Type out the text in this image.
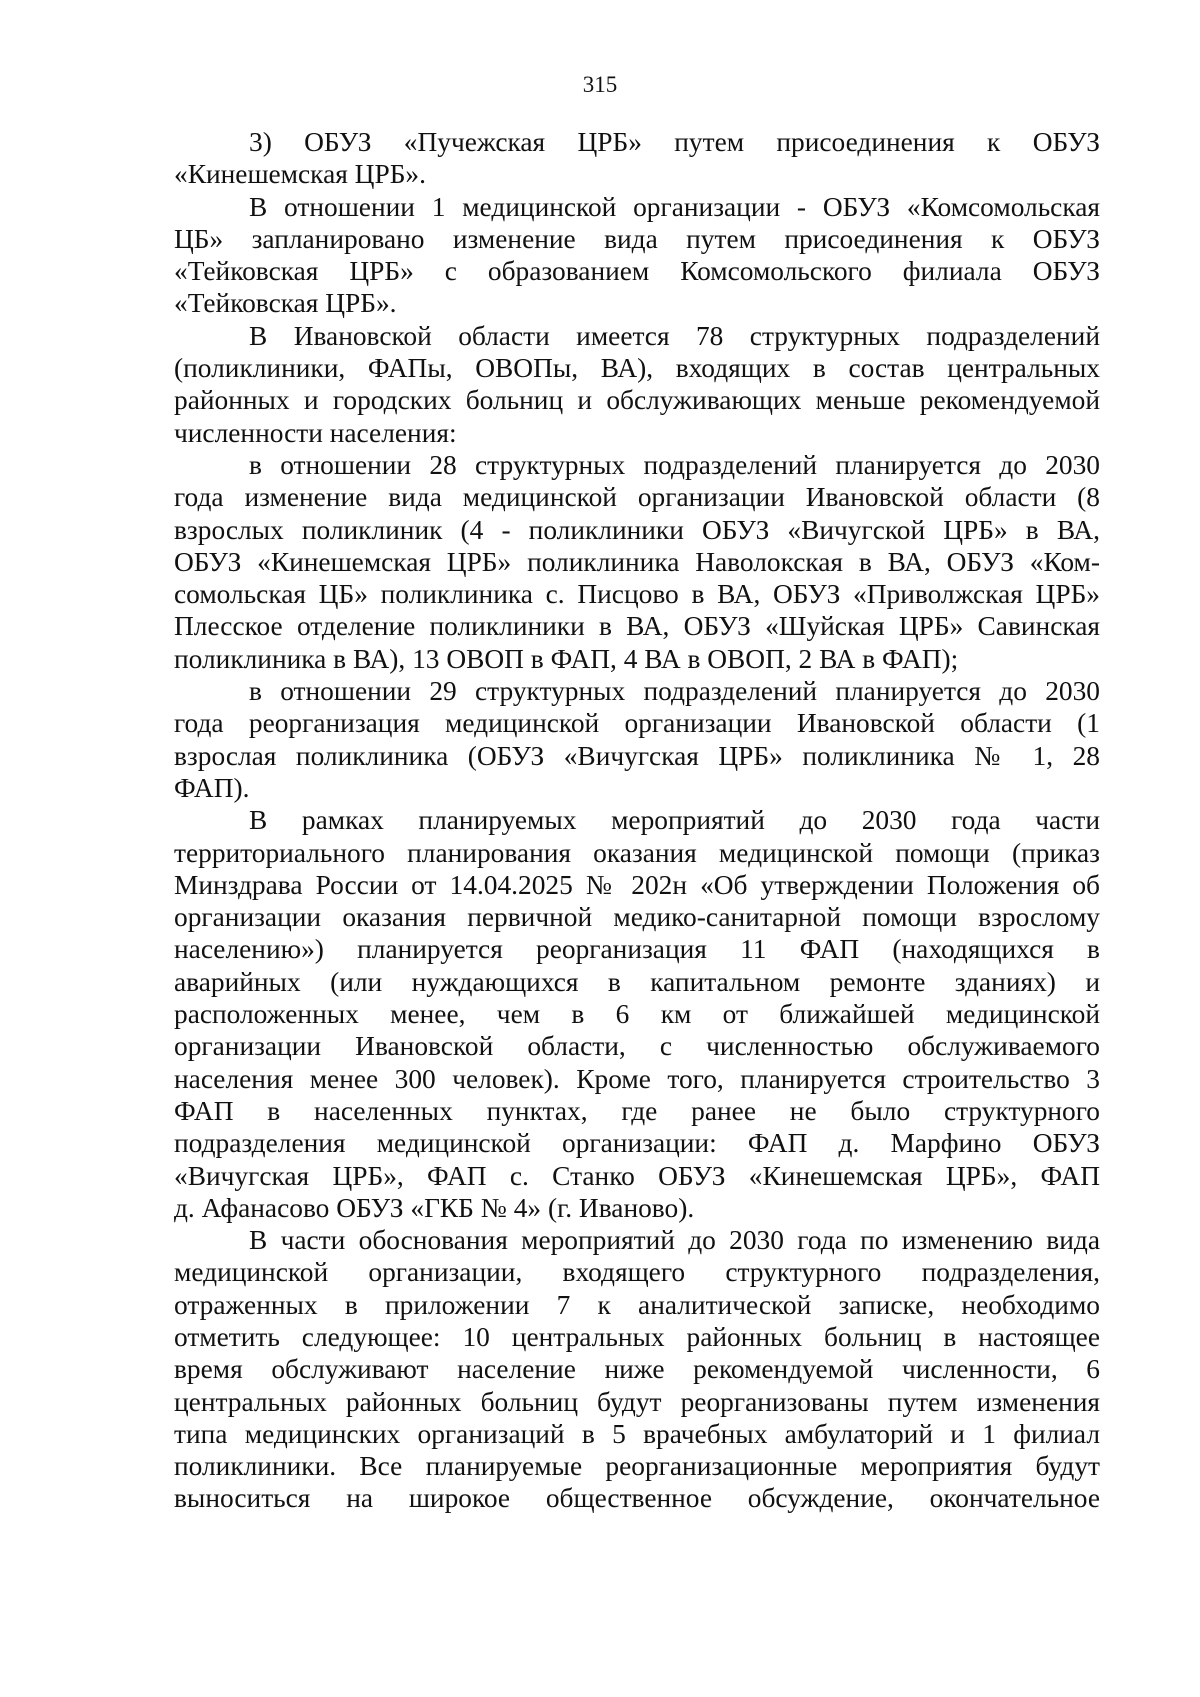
315
3) ОБУЗ «Пучежская ЦРБ» путем присоединения к ОБУЗ
«Кинешемская ЦРБ».
В отношении 1 медицинской организации - ОБУЗ «Комсомольская
ЦБ» запланировано изменение вида путем присоединения к ОБУЗ
«Тейковская ЦРБ» с образованием Комсомольского филиала ОБУЗ
«Тейковская ЦРБ».
В Ивановской области имеется 78 структурных подразделений
(поликлиники, ФАПы, ОВОПы, ВА), входящих в состав центральных
районных и городских больниц и обслуживающих меньше рекомендуемой
численности населения:
в отношении 28 структурных подразделений планируется до 2030
года изменение вида медицинской организации Ивановской области (8
взрослых поликлиник (4 - поликлиники ОБУЗ «Вичугской ЦРБ» в ВА,
ОБУЗ «Кинешемская ЦРБ» поликлиника Наволокская в ВА, ОБУЗ «Ком-
сомольская ЦБ» поликлиника с. Писцово в ВА, ОБУЗ «Приволжская ЦРБ»
Плесское отделение поликлиники в ВА, ОБУЗ «Шуйская ЦРБ» Савинская
поликлиника в ВА), 13 ОВОП в ФАП, 4 ВА в ОВОП, 2 ВА в ФАП);
в отношении 29 структурных подразделений планируется до 2030
года реорганизация медицинской организации Ивановской области (1
взрослая поликлиника (ОБУЗ «Вичугская ЦРБ» поликлиника № 1, 28
ФАП).
В рамках планируемых мероприятий до 2030 года части
территориального планирования оказания медицинской помощи (приказ
Минздрава России от 14.04.2025 № 202н «Об утверждении Положения об
организации оказания первичной медико-санитарной помощи взрослому
населению») планируется реорганизация 11 ФАП (находящихся в
аварийных (или нуждающихся в капитальном ремонте зданиях) и
расположенных менее, чем в 6 км от ближайшей медицинской
организации Ивановской области, с численностью обслуживаемого
населения менее 300 человек). Кроме того, планируется строительство 3
ФАП в населенных пунктах, где ранее не было структурного
подразделения медицинской организации: ФАП д. Марфино ОБУЗ
«Вичугская ЦРБ», ФАП с. Станко ОБУЗ «Кинешемская ЦРБ», ФАП
д. Афанасово ОБУЗ «ГКБ № 4» (г. Иваново).
В части обоснования мероприятий до 2030 года по изменению вида
медицинской организации, входящего структурного подразделения,
отраженных в приложении 7 к аналитической записке, необходимо
отметить следующее: 10 центральных районных больниц в настоящее
время обслуживают население ниже рекомендуемой численности, 6
центральных районных больниц будут реорганизованы путем изменения
типа медицинских организаций в 5 врачебных амбулаторий и 1 филиал
поликлиники. Все планируемые реорганизационные мероприятия будут
выноситься на широкое общественное обсуждение, окончательное
